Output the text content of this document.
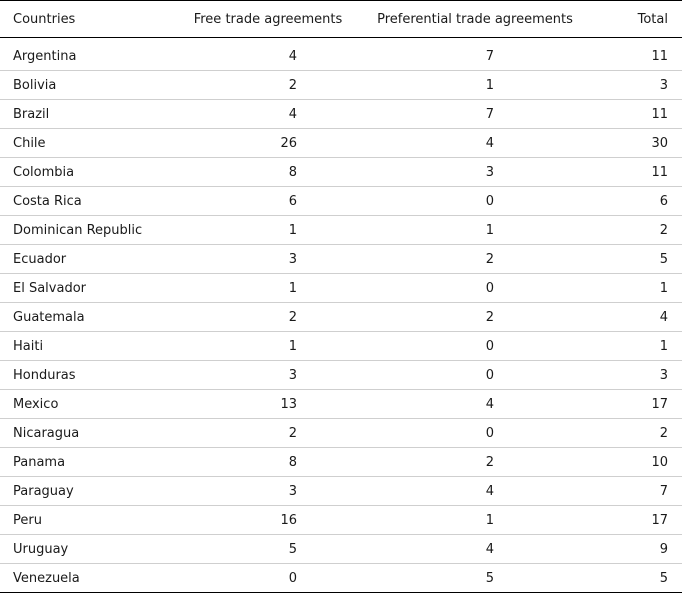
Countries	Free trade agreements	Preferential trade agreements	Total
Argentina	4	7	11
Bolivia	2	1	3
Brazil	4	7	11
Chile	26	4	30
Colombia	8	3	11
Costa Rica	6	0	6
Dominican Republic	1	1	2
Ecuador	3	2	5
El Salvador	1	0	1
Guatemala	2	2	4
Haiti	1	0	1
Honduras	3	0	3
Mexico	13	4	17
Nicaragua	2	0	2
Panama	8	2	10
Paraguay	3	4	7
Peru	16	1	17
Uruguay	5	4	9
Venezuela	0	5	5
